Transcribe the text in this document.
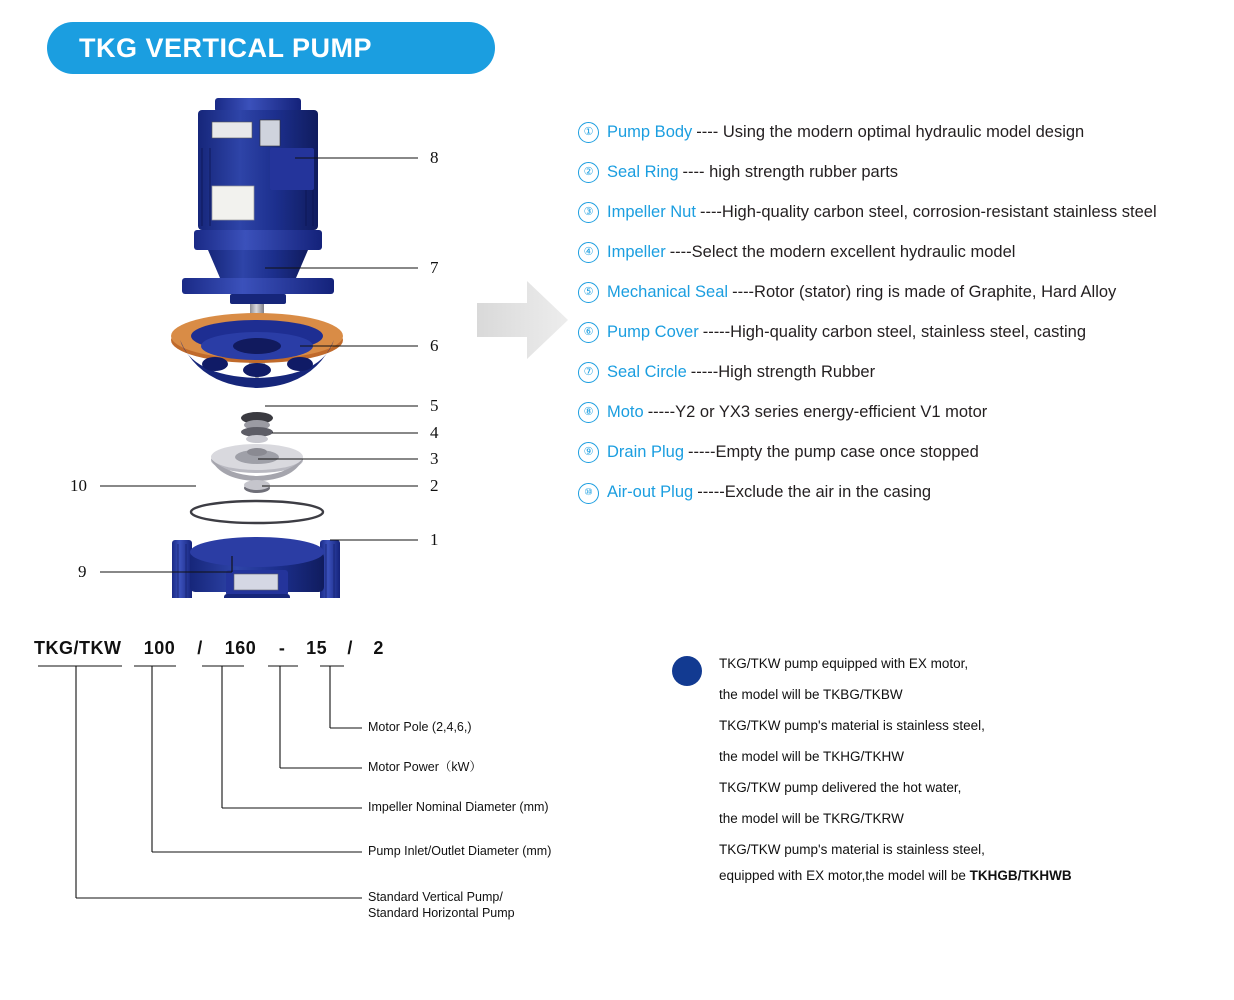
TKG VERTICAL PUMP
8
7
6
5
4
3
2
1
10
9
① Pump Body ---- Using the modern optimal hydraulic model design
② Seal Ring ---- high strength rubber parts
③ Impeller Nut ----High-quality carbon steel, corrosion-resistant stainless steel
④ Impeller ----Select the modern excellent hydraulic model
⑤ Mechanical Seal ----Rotor (stator) ring is made of Graphite, Hard Alloy
⑥ Pump Cover -----High-quality carbon steel, stainless steel, casting
⑦ Seal Circle -----High strength Rubber
⑧ Moto -----Y2 or YX3 series energy-efficient V1 motor
⑨ Drain Plug -----Empty the pump case once stopped
⑩ Air-out Plug -----Exclude the air in the casing
TKG/TKW 100 / 160 - 15 / 2
Motor Pole (2,4,6,)
Motor Power（kW）
Impeller Nominal Diameter (mm)
Pump Inlet/Outlet Diameter (mm)
Standard Vertical Pump/
Standard Horizontal Pump
TKG/TKW pump equipped with EX motor,
the model will be TKBG/TKBW
TKG/TKW pump's material is stainless steel,
the model will be TKHG/TKHW
TKG/TKW pump delivered the hot water,
the model will be TKRG/TKRW
TKG/TKW pump's material is stainless steel,
equipped with EX motor,the model will be TKHGB/TKHWB
